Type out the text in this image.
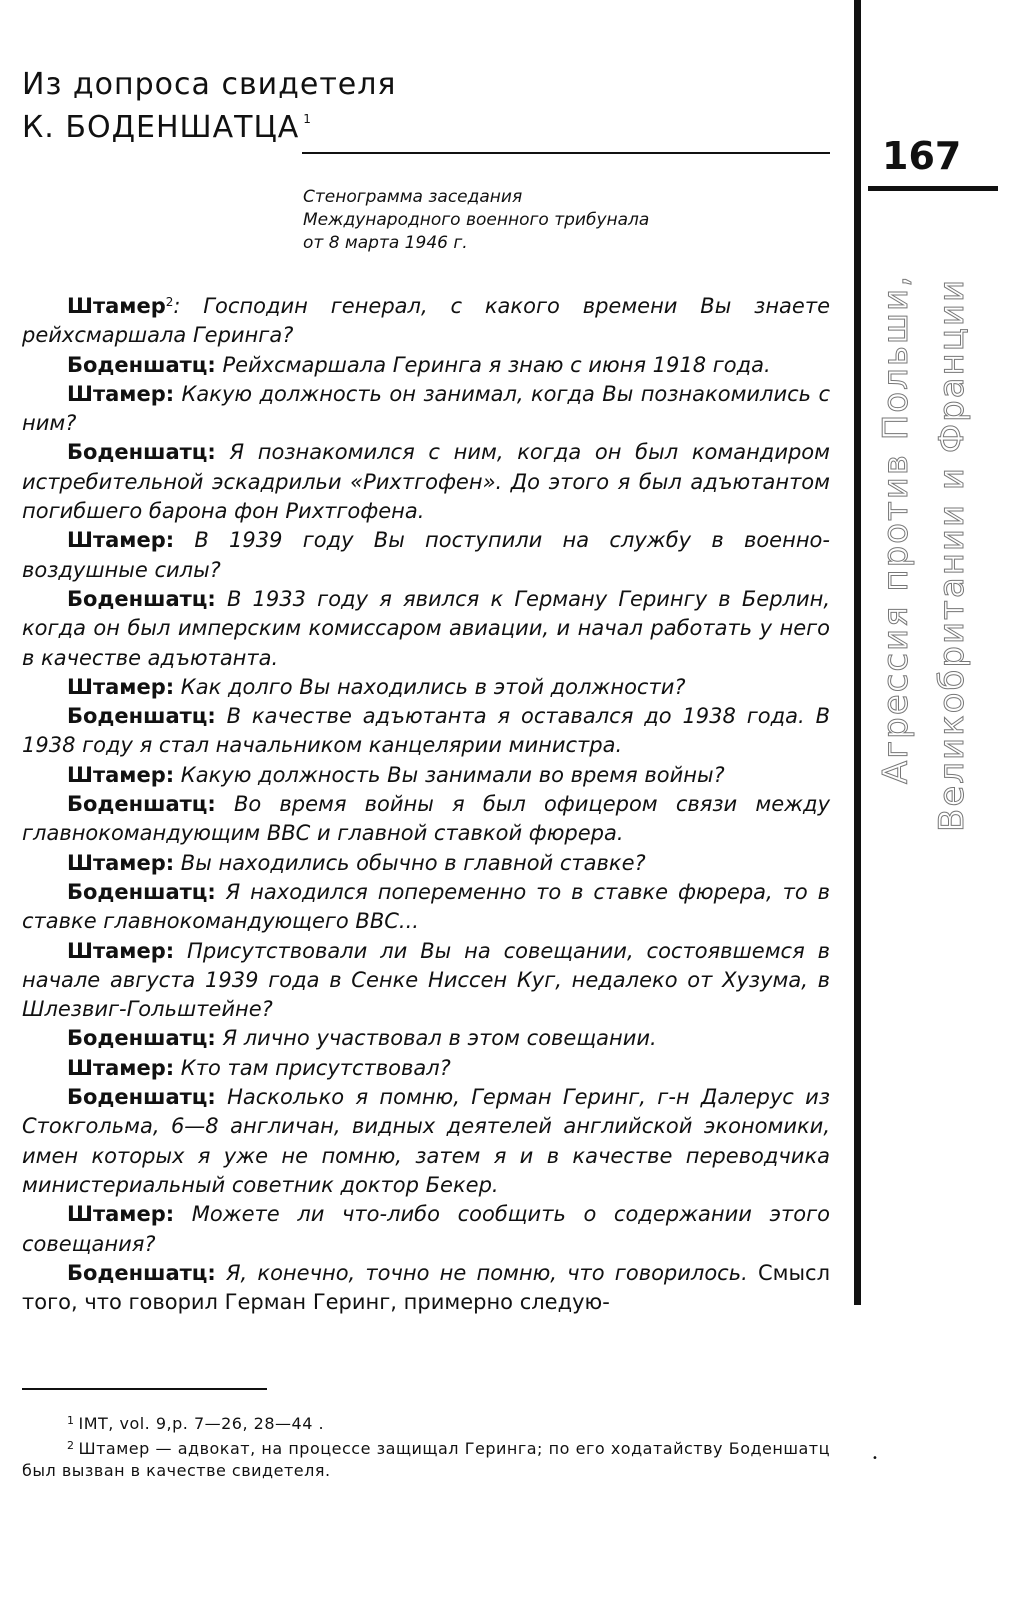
Из допроса свидетеля
К. БОДЕНШАТЦА $^1$
Стенограмма заседания
Международного военного трибунала
от 8 марта 1946 г.

Штамер$^2$: Господин генерал, с какого времени Вы знаете рейхсмаршала Геринга?

Боденшатц: Рейхсмаршала Геринга я знаю с июня 1918 года.

Штамер: Какую должность он занимал, когда Вы познакомились с ним?

Боденшатц: Я познакомился с ним, когда он был командиром истребительной эскадрильи «Рихтгофен». До этого я был адъютантом погибшего барона фон Рихтгофена.

Штамер: В 1939 году Вы поступили на службу в военно-воздушные силы?

Боденшатц: В 1933 году я явился к Герману Герингу в Берлин, когда он был имперским комиссаром авиации, и начал работать у него в качестве адъютанта.

Штамер: Как долго Вы находились в этой должности?

Боденшатц: В качестве адъютанта я оставался до 1938 года. В 1938 году я стал начальником канцелярии министра.

Штамер: Какую должность Вы занимали во время войны?

Боденшатц: Во время войны я был офицером связи между главнокомандующим ВВС и главной ставкой фюрера.

Штамер: Вы находились обычно в главной ставке?

Боденшатц: Я находился попеременно то в ставке фюрера, то в ставке главнокомандующего ВВС...

Штамер: Присутствовали ли Вы на совещании, состоявшемся в начале августа 1939 года в Сенке Ниссен Куг, недалеко от Хузума, в Шлезвиг-Гольштейне?

Боденшатц: Я лично участвовал в этом совещании.

Штамер: Кто там присутствовал?

Боденшатц: Насколько я помню, Герман Геринг, г-н Далерус из Стокгольма, 6—8 англичан, видных деятелей английской экономики, имен которых я уже не помню, затем я и в качестве переводчика министериальный советник доктор Бекер.

Штамер: Можете ли что-либо сообщить о содержании этого совещания?

Боденшатц: Я, конечно, точно не помню, что говорилось. Смысл того, что говорил Герман Геринг, примерно следую-

167
Агрессия против Польши, Великобритании и Франции

$^1$ IMT, vol. 9,p. 7—26, 28—44 .

$^2$ Штамер — адвокат, на процессе защищал Геринга; по его ходатайству Боденшатц был вызван в качестве свидетеля.

•
